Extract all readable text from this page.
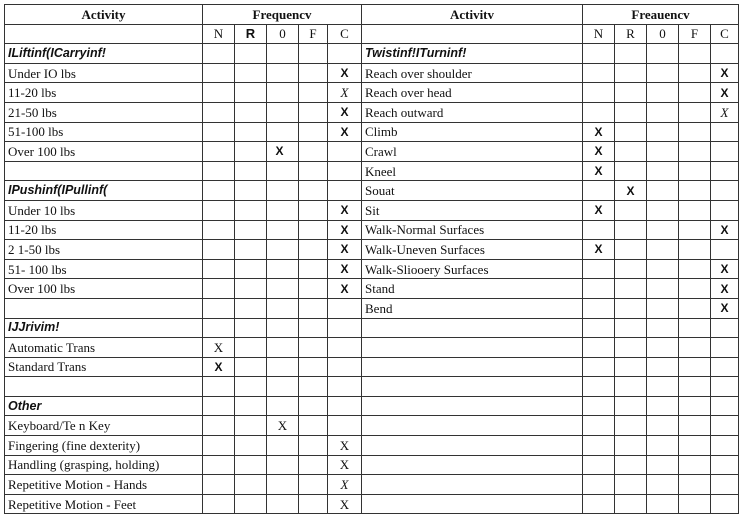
Activity	Frequencv					Activitv	Freauencv				
	N	R	0	F	C		N	R	0	F	C
ILiftinf(ICarryinf!						Twistinf!ITurninf!					
Under IO lbs					X	Reach over shoulder					X
11-20 lbs					X	Reach over head					X
21-50 lbs					X	Reach outward					X
51-100 lbs					X	Climb	X				
Over 100 lbs			X			Crawl	X				
						Kneel	X				
IPushinf(IPullinf(						Souat		X			
Under 10 lbs					X	Sit	X				
11-20 lbs					X	Walk-Normal Surfaces					X
2 1-50 lbs					X	Walk-Uneven Surfaces	X				
51- 100 lbs					X	Walk-Sliooery Surfaces					X
Over 100 lbs					X	Stand					X
						Bend					X
IJJrivim!											
Automatic Trans	X										
Standard Trans	X										

Other											
Keyboard/Te n Key			X								
Fingering (fine dexterity)					X						
Handling (grasping, holding)					X						
Repetitive Motion - Hands					X						
Repetitive Motion - Feet					X						
